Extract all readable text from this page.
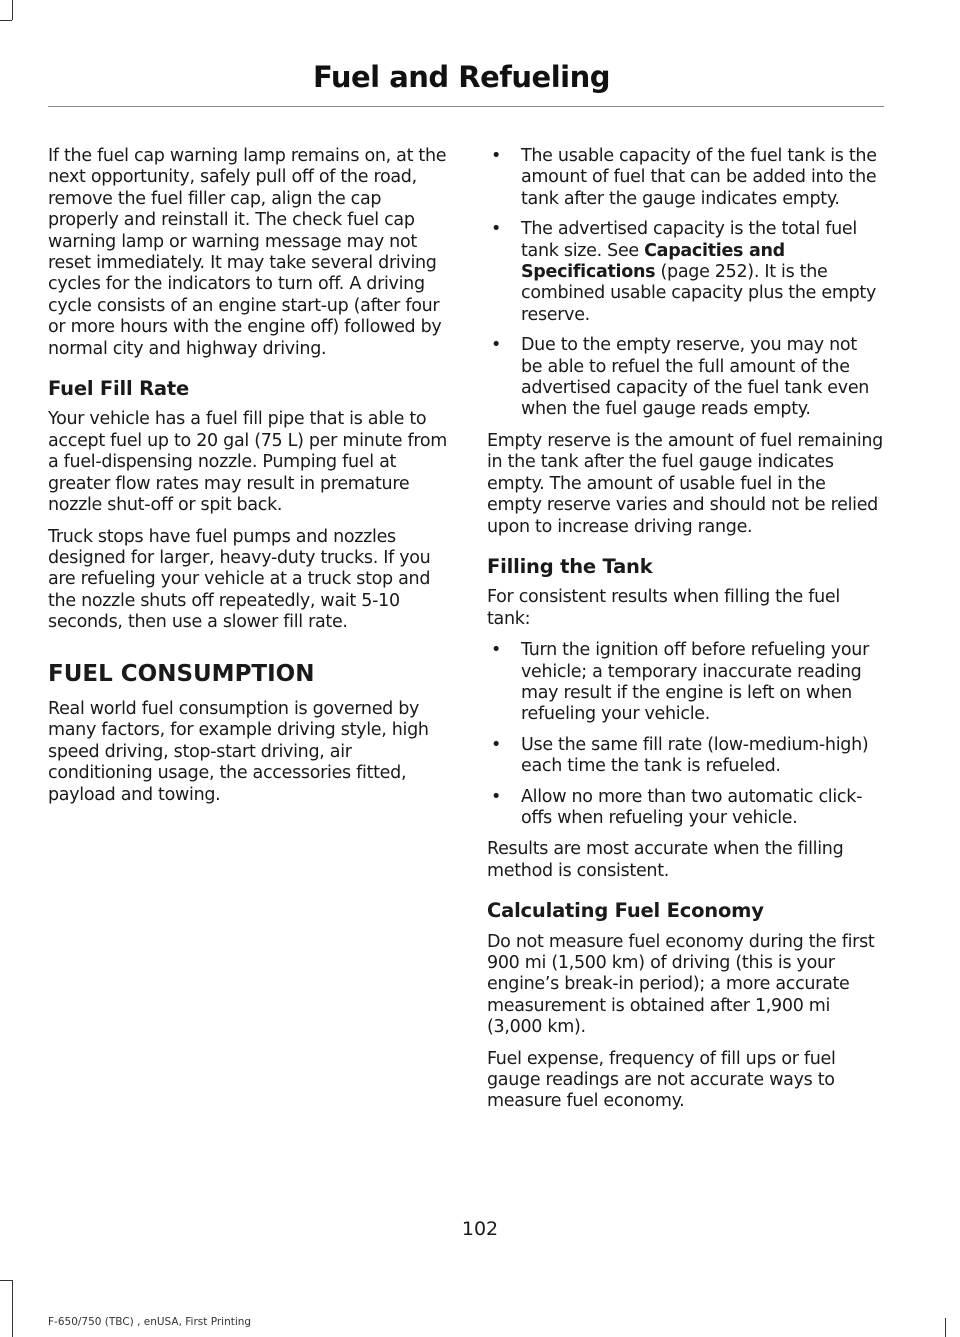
Fuel and Refueling

If the fuel cap warning lamp remains on, at the next opportunity, safely pull off of the road, remove the fuel filler cap, align the cap properly and reinstall it. The check fuel cap warning lamp or warning message may not reset immediately. It may take several driving cycles for the indicators to turn off. A driving cycle consists of an engine start-up (after four or more hours with the engine off) followed by normal city and highway driving.

Fuel Fill Rate

Your vehicle has a fuel fill pipe that is able to accept fuel up to 20 gal (75 L) per minute from a fuel-dispensing nozzle. Pumping fuel at greater flow rates may result in premature nozzle shut-off or spit back.

Truck stops have fuel pumps and nozzles designed for larger, heavy-duty trucks. If you are refueling your vehicle at a truck stop and the nozzle shuts off repeatedly, wait 5-10 seconds, then use a slower fill rate.

FUEL CONSUMPTION

Real world fuel consumption is governed by many factors, for example driving style, high speed driving, stop-start driving, air conditioning usage, the accessories fitted, payload and towing.

• The usable capacity of the fuel tank is the amount of fuel that can be added into the tank after the gauge indicates empty.
• The advertised capacity is the total fuel tank size. See Capacities and Specifications (page 252). It is the combined usable capacity plus the empty reserve.
• Due to the empty reserve, you may not be able to refuel the full amount of the advertised capacity of the fuel tank even when the fuel gauge reads empty.

Empty reserve is the amount of fuel remaining in the tank after the fuel gauge indicates empty. The amount of usable fuel in the empty reserve varies and should not be relied upon to increase driving range.

Filling the Tank

For consistent results when filling the fuel tank:

• Turn the ignition off before refueling your vehicle; a temporary inaccurate reading may result if the engine is left on when refueling your vehicle.
• Use the same fill rate (low-medium-high) each time the tank is refueled.
• Allow no more than two automatic click-offs when refueling your vehicle.

Results are most accurate when the filling method is consistent.

Calculating Fuel Economy

Do not measure fuel economy during the first 900 mi (1,500 km) of driving (this is your engine’s break-in period); a more accurate measurement is obtained after 1,900 mi (3,000 km).

Fuel expense, frequency of fill ups or fuel gauge readings are not accurate ways to measure fuel economy.

102
F-650/750 (TBC) , enUSA, First Printing
